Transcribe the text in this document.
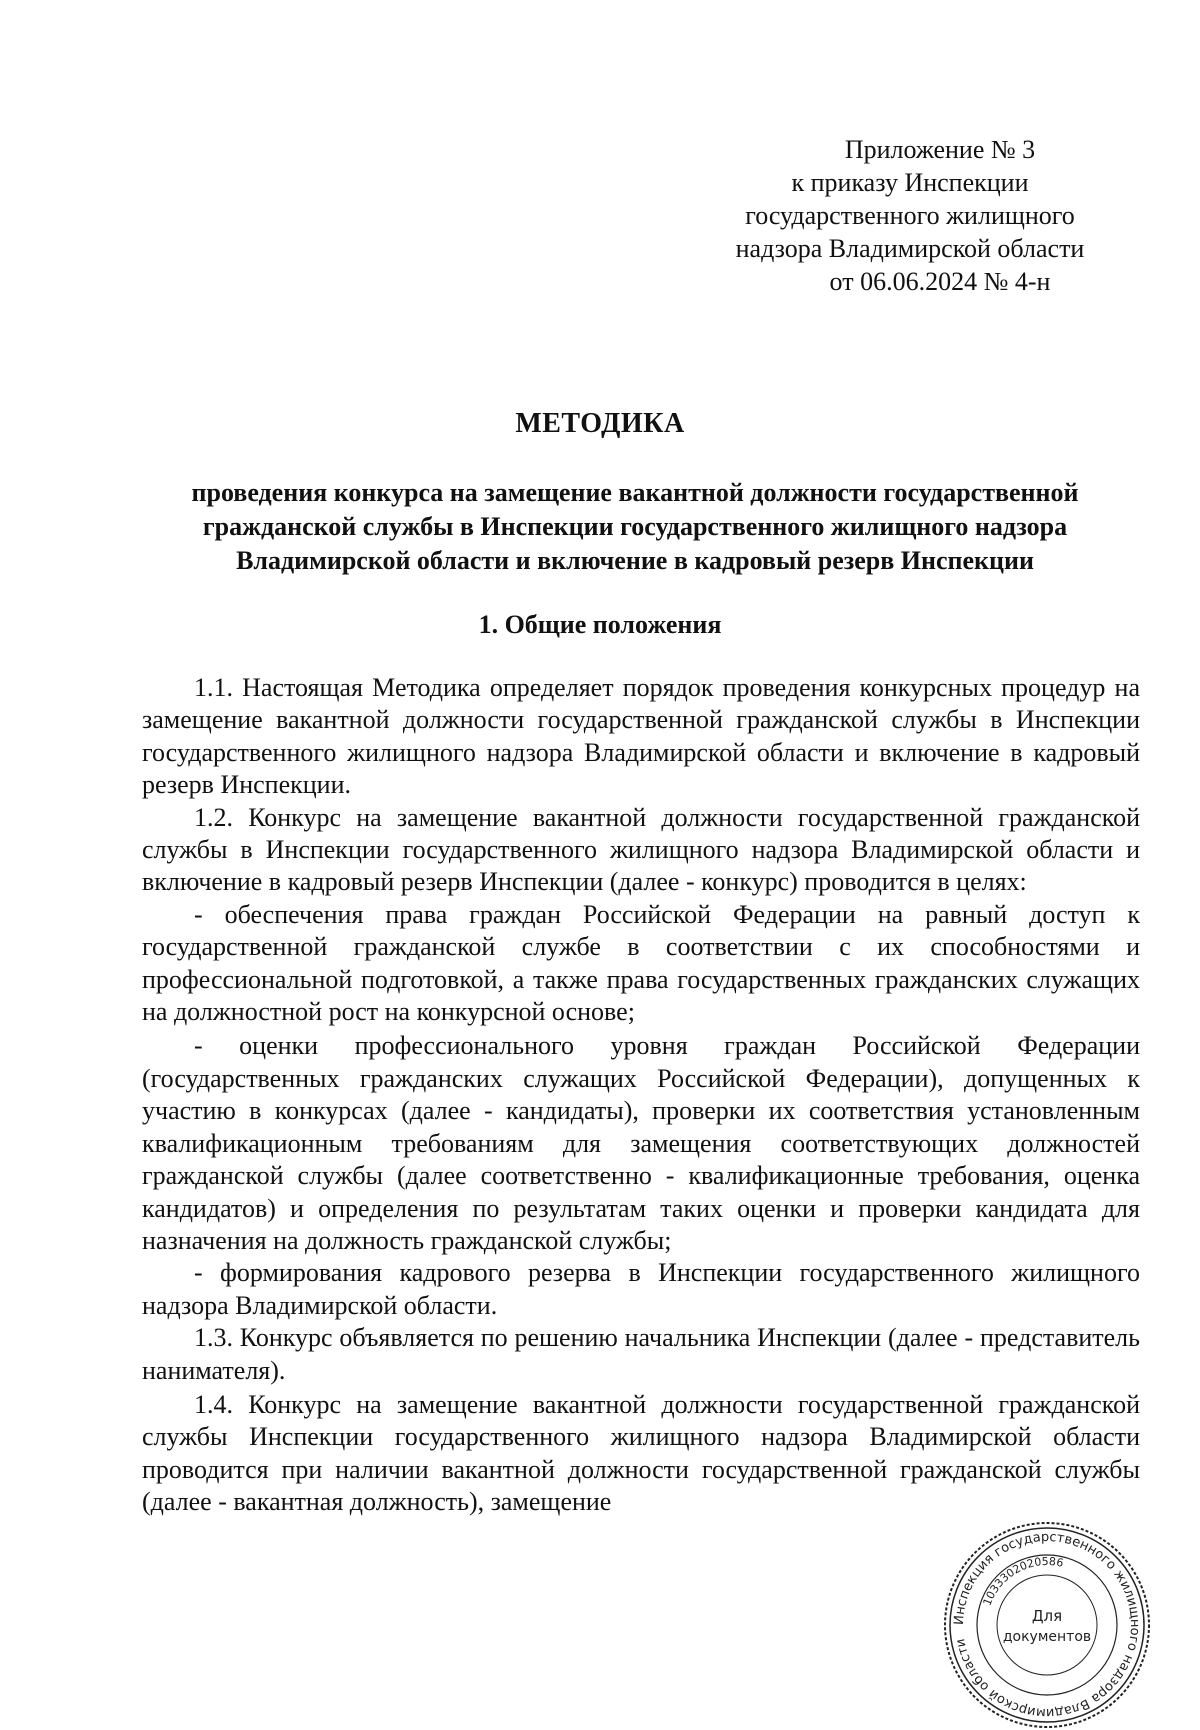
Приложение № 3
к приказу Инспекции
государственного жилищного
надзора Владимирской области
от 06.06.2024 № 4-н
МЕТОДИКА
проведения конкурса на замещение вакантной должности государственной гражданской службы в Инспекции государственного жилищного надзора Владимирской области и включение в кадровый резерв Инспекции
1. Общие положения

1.1. Настоящая Методика определяет порядок проведения конкурсных процедур на замещение вакантной должности государственной гражданской службы в Инспекции государственного жилищного надзора Владимирской области и включение в кадровый резерв Инспекции.

1.2. Конкурс на замещение вакантной должности государственной гражданской службы в Инспекции государственного жилищного надзора Владимирской области и включение в кадровый резерв Инспекции (далее - конкурс) проводится в целях:

- обеспечения права граждан Российской Федерации на равный доступ к государственной гражданской службе в соответствии с их способностями и профессиональной подготовкой, а также права государственных гражданских служащих на должностной рост на конкурсной основе;

- оценки профессионального уровня граждан Российской Федерации (государственных гражданских служащих Российской Федерации), допущенных к участию в конкурсах (далее - кандидаты), проверки их соответствия установленным квалификационным требованиям для замещения соответствующих должностей гражданской службы (далее соответственно - квалификационные требования, оценка кандидатов) и определения по результатам таких оценки и проверки кандидата для назначения на должность гражданской службы;

- формирования кадрового резерва в Инспекции государственного жилищного надзора Владимирской области.

1.3. Конкурс объявляется по решению начальника Инспекции (далее - представитель нанимателя).

1.4. Конкурс на замещение вакантной должности государственной гражданской службы Инспекции государственного жилищного надзора Владимирской области проводится при наличии вакантной должности государственной гражданской службы (далее - вакантная должность), замещение

Инспекция государственного жилищного надзора Владимирской области
1033302020586
Для
документов
